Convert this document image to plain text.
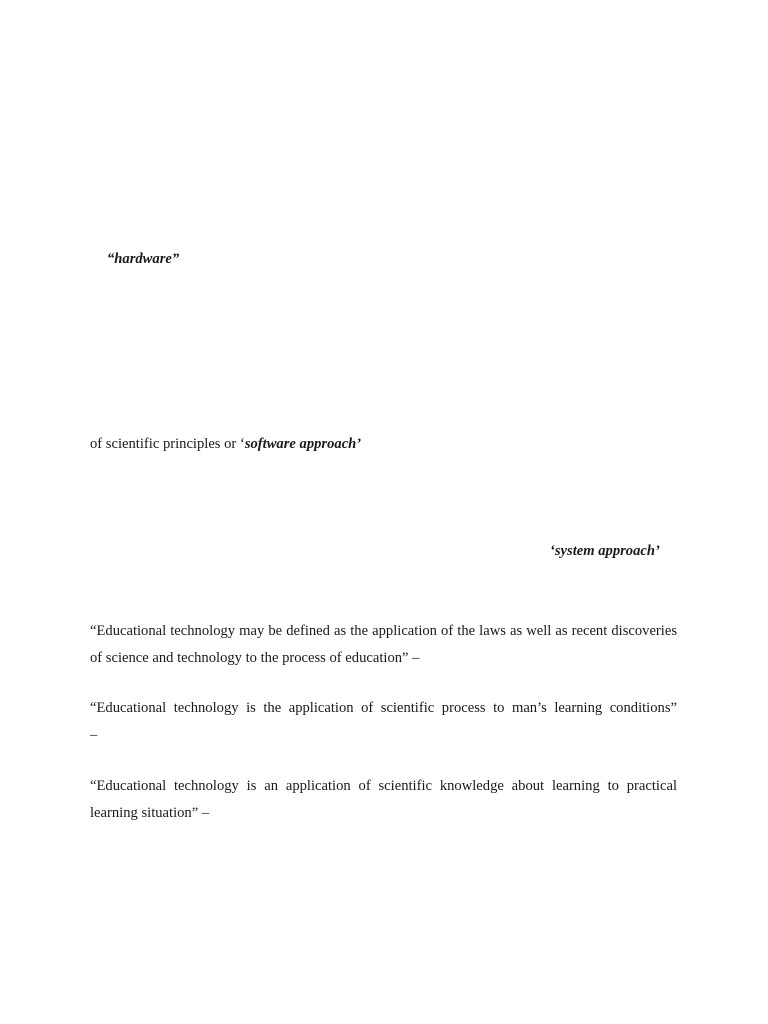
“hardware”
of scientific principles or ‘software approach’
‘system approach’
“Educational technology may be defined as the application of the laws as well as recent discoveries
of science and technology to the process of education” –
“Educational technology is the application of scientific process to man’s learning conditions”
–
“Educational technology is an application of scientific knowledge about learning to practical
learning situation” –
